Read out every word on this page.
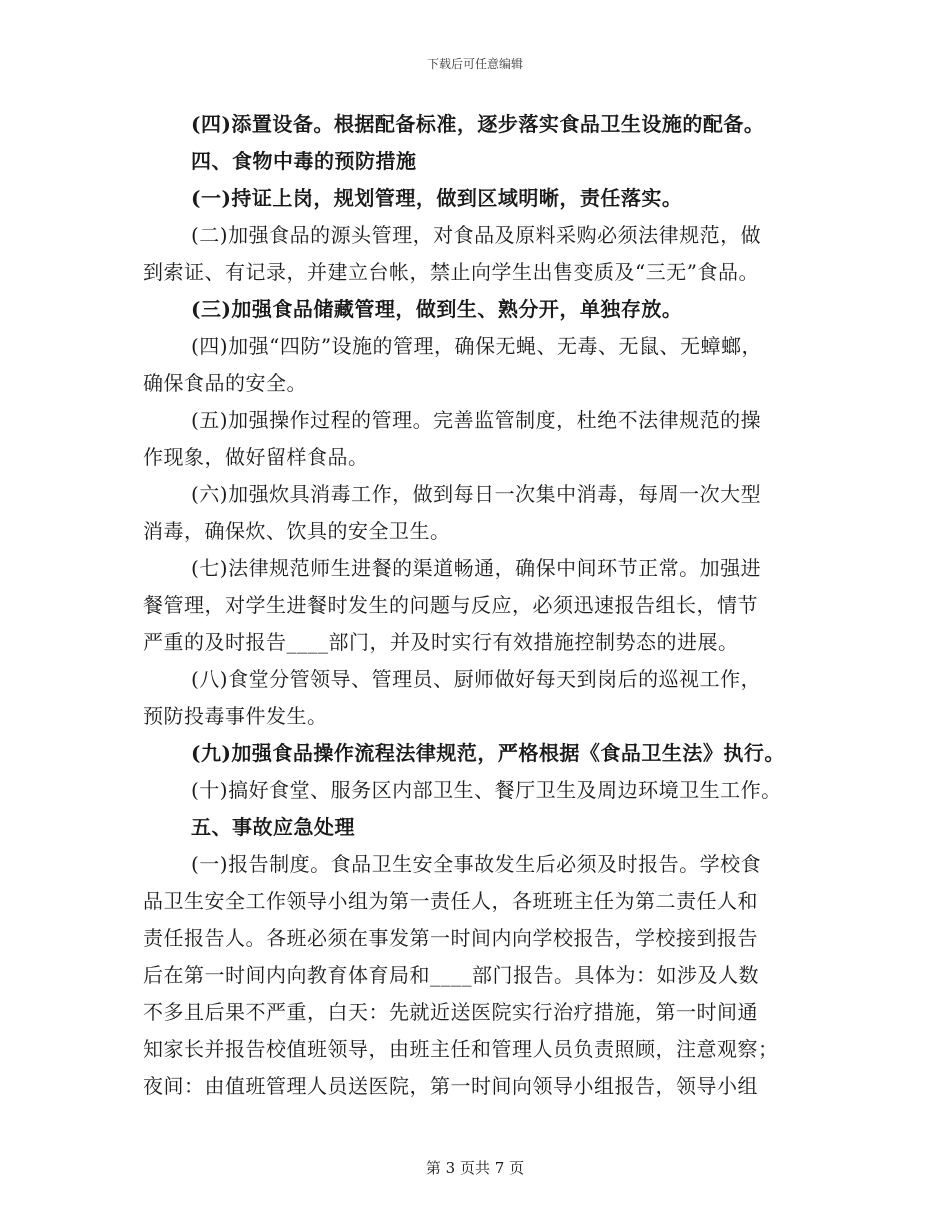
下载后可任意编辑
(四)添置设备。根据配备标准，逐步落实食品卫生设施的配备。
四、食物中毒的预防措施
(一)持证上岗，规划管理，做到区域明晰，责任落实。
(二)加强食品的源头管理，对食品及原料采购必须法律规范，做
到索证、有记录，并建立台帐，禁止向学生出售变质及“三无”食品。
(三)加强食品储藏管理，做到生、熟分开，单独存放。
(四)加强“四防”设施的管理，确保无蝇、无毒、无鼠、无蟑螂，
确保食品的安全。
(五)加强操作过程的管理。完善监管制度，杜绝不法律规范的操
作现象，做好留样食品。
(六)加强炊具消毒工作，做到每日一次集中消毒，每周一次大型
消毒，确保炊、饮具的安全卫生。
(七)法律规范师生进餐的渠道畅通，确保中间环节正常。加强进
餐管理，对学生进餐时发生的问题与反应，必须迅速报告组长，情节
严重的及时报告____部门，并及时实行有效措施控制势态的进展。
(八)食堂分管领导、管理员、厨师做好每天到岗后的巡视工作，
预防投毒事件发生。
(九)加强食品操作流程法律规范，严格根据《食品卫生法》执行。
(十)搞好食堂、服务区内部卫生、餐厅卫生及周边环境卫生工作。
五、事故应急处理
(一)报告制度。食品卫生安全事故发生后必须及时报告。学校食
品卫生安全工作领导小组为第一责任人，各班班主任为第二责任人和
责任报告人。各班必须在事发第一时间内向学校报告，学校接到报告
后在第一时间内向教育体育局和____部门报告。具体为：如涉及人数
不多且后果不严重，白天：先就近送医院实行治疗措施，第一时间通
知家长并报告校值班领导，由班主任和管理人员负责照顾，注意观察；
夜间：由值班管理人员送医院，第一时间向领导小组报告，领导小组
第 3 页共 7 页
